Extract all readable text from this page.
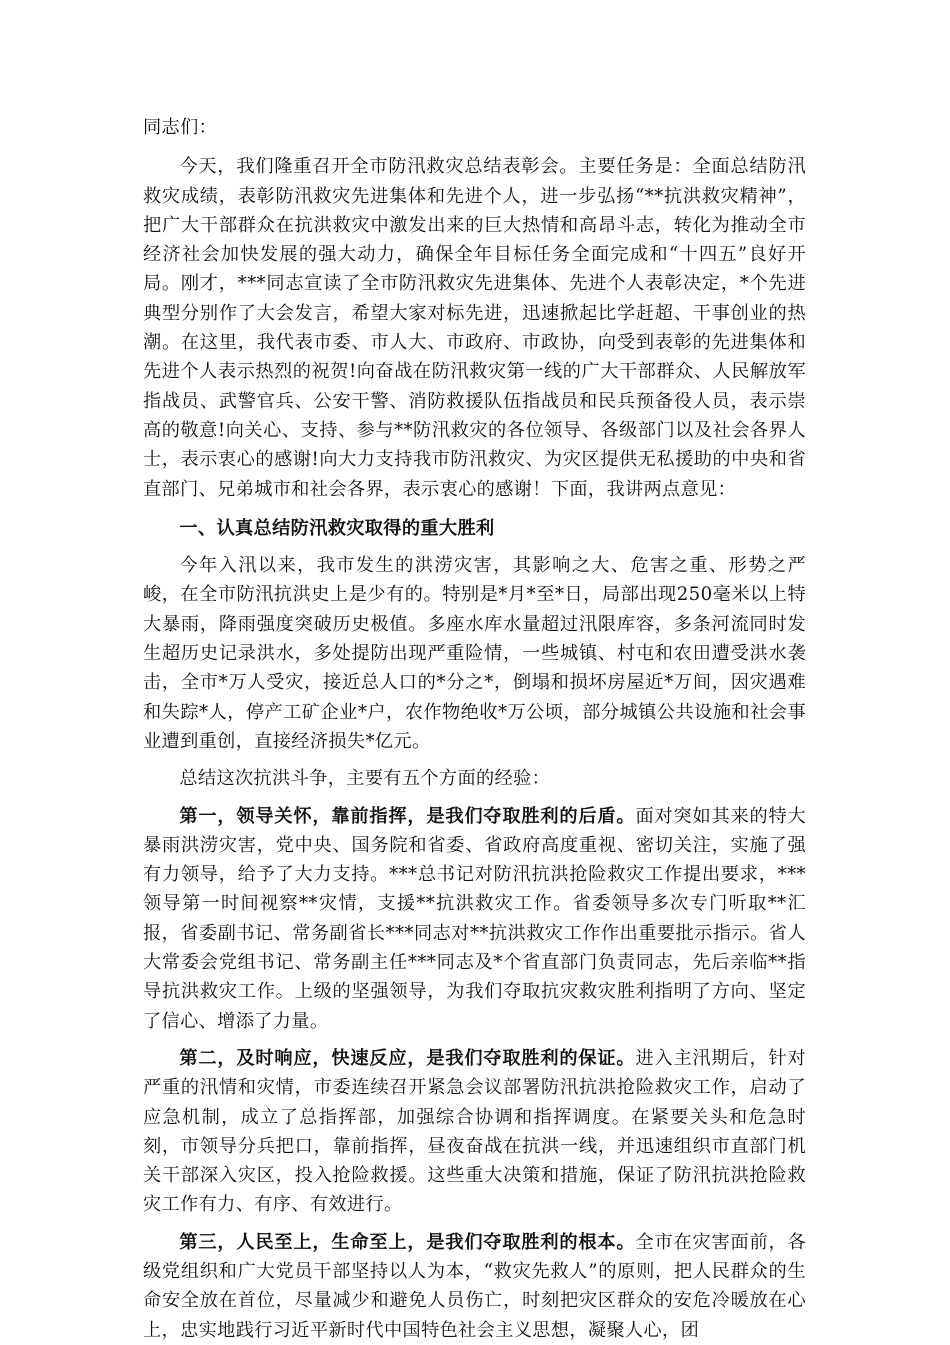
同志们：

今天，我们隆重召开全市防汛救灾总结表彰会。主要任务是：全面总结防汛救灾成绩，表彰防汛救灾先进集体和先进个人，进一步弘扬“**抗洪救灾精神”，把广大干部群众在抗洪救灾中激发出来的巨大热情和高昂斗志，转化为推动全市经济社会加快发展的强大动力，确保全年目标任务全面完成和“十四五”良好开局。刚才，***同志宣读了全市防汛救灾先进集体、先进个人表彰决定，*个先进典型分别作了大会发言，希望大家对标先进，迅速掀起比学赶超、干事创业的热潮。在这里，我代表市委、市人大、市政府、市政协，向受到表彰的先进集体和先进个人表示热烈的祝贺!向奋战在防汛救灾第一线的广大干部群众、人民解放军指战员、武警官兵、公安干警、消防救援队伍指战员和民兵预备役人员，表示崇高的敬意!向关心、支持、参与**防汛救灾的各位领导、各级部门以及社会各界人士，表示衷心的感谢!向大力支持我市防汛救灾、为灾区提供无私援助的中央和省直部门、兄弟城市和社会各界，表示衷心的感谢！下面，我讲两点意见：

一、认真总结防汛救灾取得的重大胜利

今年入汛以来，我市发生的洪涝灾害，其影响之大、危害之重、形势之严峻，在全市防汛抗洪史上是少有的。特别是*月*至*日，局部出现250毫米以上特大暴雨，降雨强度突破历史极值。多座水库水量超过汛限库容，多条河流同时发生超历史记录洪水，多处提防出现严重险情，一些城镇、村屯和农田遭受洪水袭击，全市*万人受灾，接近总人口的*分之*，倒塌和损坏房屋近*万间，因灾遇难和失踪*人，停产工矿企业*户，农作物绝收*万公顷，部分城镇公共设施和社会事业遭到重创，直接经济损失*亿元。

总结这次抗洪斗争，主要有五个方面的经验：

第一，领导关怀，靠前指挥，是我们夺取胜利的后盾。面对突如其来的特大暴雨洪涝灾害，党中央、国务院和省委、省政府高度重视、密切关注，实施了强有力领导，给予了大力支持。***总书记对防汛抗洪抢险救灾工作提出要求，***领导第一时间视察**灾情，支援**抗洪救灾工作。省委领导多次专门听取**汇报，省委副书记、常务副省长***同志对**抗洪救灾工作作出重要批示指示。省人大常委会党组书记、常务副主任***同志及*个省直部门负责同志，先后亲临**指导抗洪救灾工作。上级的坚强领导，为我们夺取抗灾救灾胜利指明了方向、坚定了信心、增添了力量。

第二，及时响应，快速反应，是我们夺取胜利的保证。进入主汛期后，针对严重的汛情和灾情，市委连续召开紧急会议部署防汛抗洪抢险救灾工作，启动了应急机制，成立了总指挥部，加强综合协调和指挥调度。在紧要关头和危急时刻，市领导分兵把口，靠前指挥，昼夜奋战在抗洪一线，并迅速组织市直部门机关干部深入灾区，投入抢险救援。这些重大决策和措施，保证了防汛抗洪抢险救灾工作有力、有序、有效进行。

第三，人民至上，生命至上，是我们夺取胜利的根本。全市在灾害面前，各级党组织和广大党员干部坚持以人为本，“救灾先救人”的原则，把人民群众的生命安全放在首位，尽量减少和避免人员伤亡，时刻把灾区群众的安危冷暖放在心上，忠实地践行习近平新时代中国特色社会主义思想，凝聚人心，团
